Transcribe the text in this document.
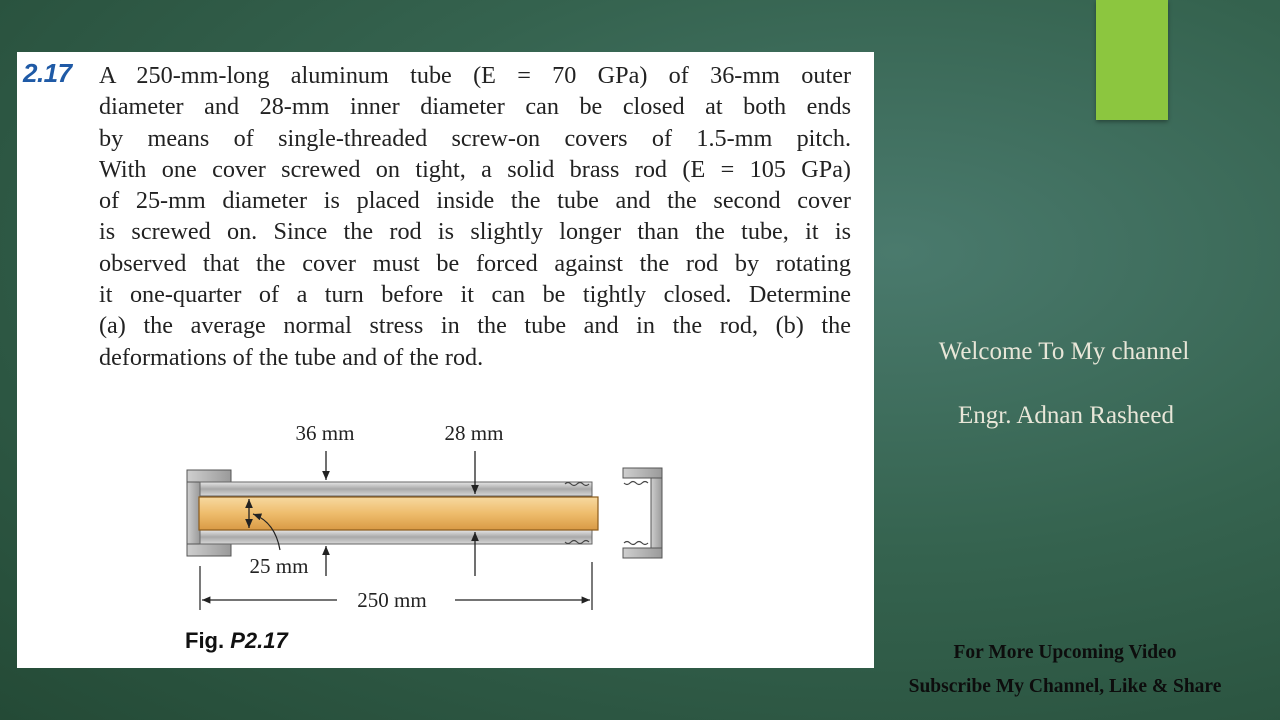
2.17 A 250-mm-long aluminum tube (E = 70 GPa) of 36-mm outer
diameter and 28-mm inner diameter can be closed at both ends
by means of single-threaded screw-on covers of 1.5-mm pitch.
With one cover screwed on tight, a solid brass rod (E = 105 GPa)
of 25-mm diameter is placed inside the tube and the second cover
is screwed on. Since the rod is slightly longer than the tube, it is
observed that the cover must be forced against the rod by rotating
it one-quarter of a turn before it can be tightly closed. Determine
(a) the average normal stress in the tube and in the rod, (b) the
deformations of the tube and of the rod.
36 mm	28 mm
25 mm
250 mm
Fig. P2.17
Welcome To My channel
Engr. Adnan Rasheed
For More Upcoming Video
Subscribe My Channel, Like & Share
